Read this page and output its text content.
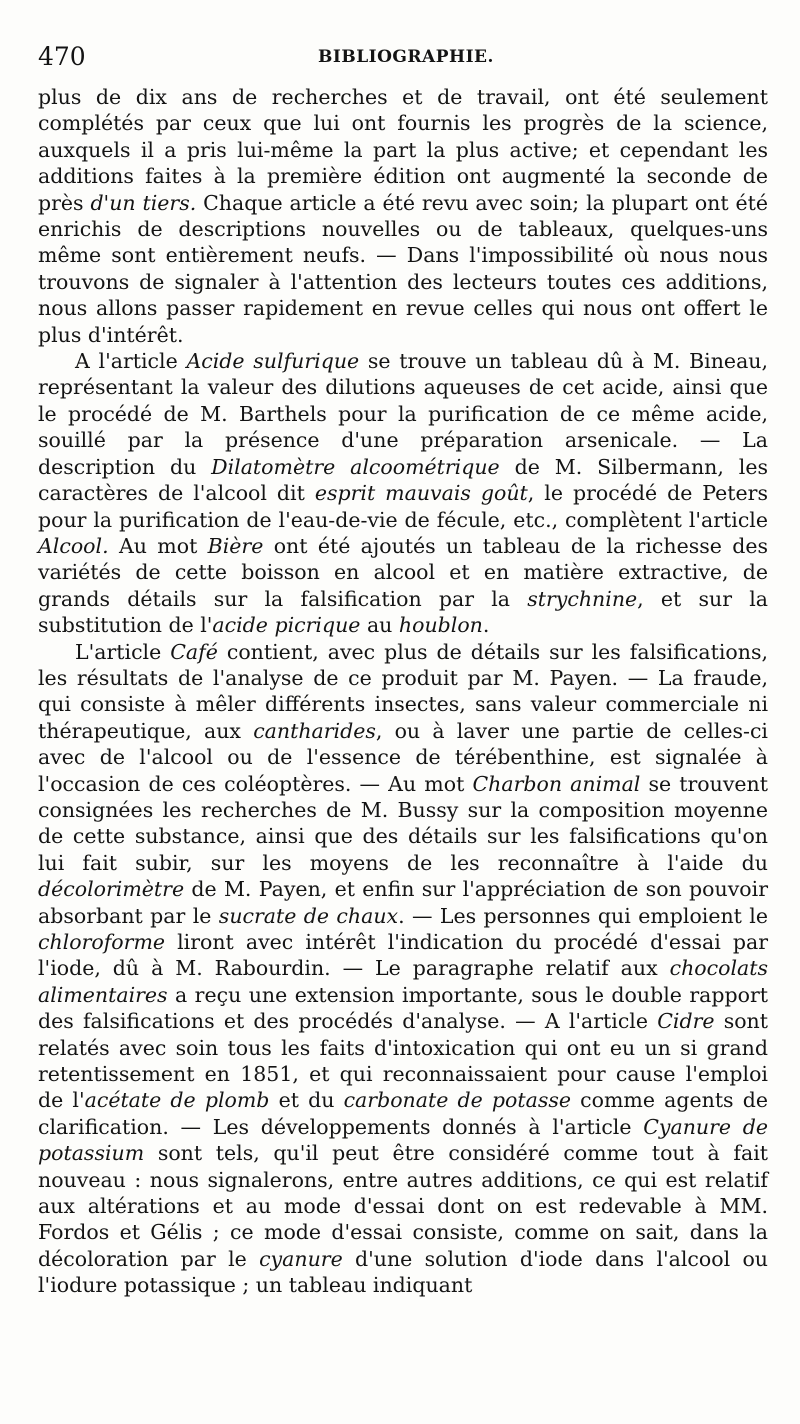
470	BIBLIOGRAPHIE.

plus de dix ans de recherches et de travail, ont été seulement complétés par ceux que lui ont fournis les progrès de la science, auxquels il a pris lui-même la part la plus active; et cependant les additions faites à la première édition ont augmenté la seconde de près d'un tiers. Chaque article a été revu avec soin; la plupart ont été enrichis de descriptions nouvelles ou de tableaux, quelques-uns même sont entièrement neufs. — Dans l'impossibilité où nous nous trouvons de signaler à l'attention des lecteurs toutes ces additions, nous allons passer rapidement en revue celles qui nous ont offert le plus d'intérêt.

A l'article Acide sulfurique se trouve un tableau dû à M. Bineau, représentant la valeur des dilutions aqueuses de cet acide, ainsi que le procédé de M. Barthels pour la purification de ce même acide, souillé par la présence d'une préparation arsenicale. — La description du Dilatomètre alcoométrique de M. Silbermann, les caractères de l'alcool dit esprit mauvais goût, le procédé de Peters pour la purification de l'eau-de-vie de fécule, etc., complètent l'article Alcool. Au mot Bière ont été ajoutés un tableau de la richesse des variétés de cette boisson en alcool et en matière extractive, de grands détails sur la falsification par la strychnine, et sur la substitution de l'acide picrique au houblon.

L'article Café contient, avec plus de détails sur les falsifications, les résultats de l'analyse de ce produit par M. Payen. — La fraude, qui consiste à mêler différents insectes, sans valeur commerciale ni thérapeutique, aux cantharides, ou à laver une partie de celles-ci avec de l'alcool ou de l'essence de térébenthine, est signalée à l'occasion de ces coléoptères. — Au mot Charbon animal se trouvent consignées les recherches de M. Bussy sur la composition moyenne de cette substance, ainsi que des détails sur les falsifications qu'on lui fait subir, sur les moyens de les reconnaître à l'aide du décolorimètre de M. Payen, et enfin sur l'appréciation de son pouvoir absorbant par le sucrate de chaux. — Les personnes qui emploient le chloroforme liront avec intérêt l'indication du procédé d'essai par l'iode, dû à M. Rabourdin. — Le paragraphe relatif aux chocolats alimentaires a reçu une extension importante, sous le double rapport des falsifications et des procédés d'analyse. — A l'article Cidre sont relatés avec soin tous les faits d'intoxication qui ont eu un si grand retentissement en 1851, et qui reconnaissaient pour cause l'emploi de l'acétate de plomb et du carbonate de potasse comme agents de clarification. — Les développements donnés à l'article Cyanure de potassium sont tels, qu'il peut être considéré comme tout à fait nouveau : nous signalerons, entre autres additions, ce qui est relatif aux altérations et au mode d'essai dont on est redevable à MM. Fordos et Gélis ; ce mode d'essai consiste, comme on sait, dans la décoloration par le cyanure d'une solution d'iode dans l'alcool ou l'iodure potassique ; un tableau indiquant
